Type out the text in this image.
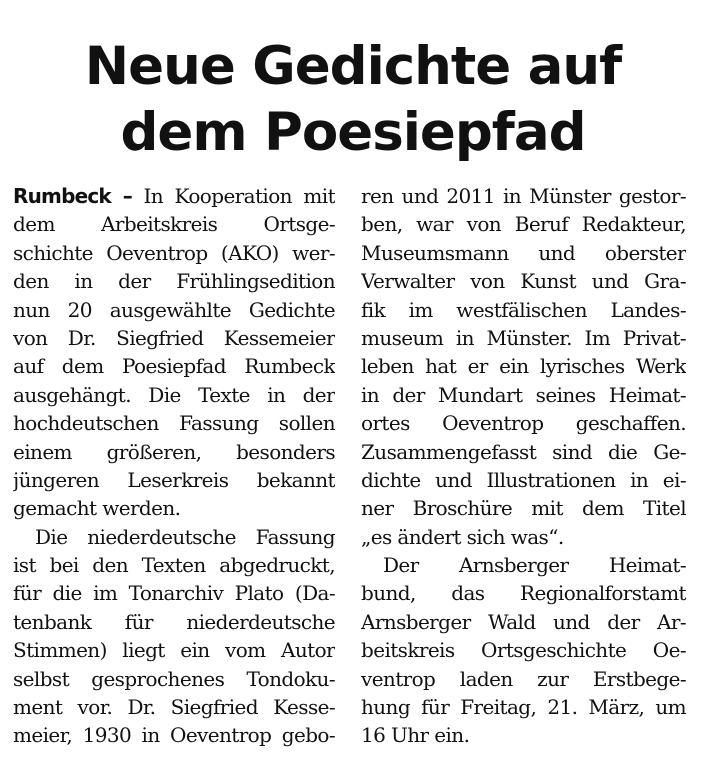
Neue Gedichte auf
dem Poesiepfad
Rumbeck – In Kooperation mit
dem Arbeitskreis Ortsge-
schichte Oeventrop (AKO) wer-
den in der Frühlingsedition
nun 20 ausgewählte Gedichte
von Dr. Siegfried Kessemeier
auf dem Poesiepfad Rumbeck
ausgehängt. Die Texte in der
hochdeutschen Fassung sollen
einem größeren, besonders
jüngeren Leserkreis bekannt
gemacht werden.
Die niederdeutsche Fassung
ist bei den Texten abgedruckt,
für die im Tonarchiv Plato (Da-
tenbank für niederdeutsche
Stimmen) liegt ein vom Autor
selbst gesprochenes Tondoku-
ment vor. Dr. Siegfried Kesse-
meier, 1930 in Oeventrop gebo-
ren und 2011 in Münster gestor-
ben, war von Beruf Redakteur,
Museumsmann und oberster
Verwalter von Kunst und Gra-
fik im westfälischen Landes-
museum in Münster. Im Privat-
leben hat er ein lyrisches Werk
in der Mundart seines Heimat-
ortes Oeventrop geschaffen.
Zusammengefasst sind die Ge-
dichte und Illustrationen in ei-
ner Broschüre mit dem Titel
„es ändert sich was“.
Der Arnsberger Heimat-
bund, das Regionalforstamt
Arnsberger Wald und der Ar-
beitskreis Ortsgeschichte Oe-
ventrop laden zur Erstbege-
hung für Freitag, 21. März, um
16 Uhr ein.
